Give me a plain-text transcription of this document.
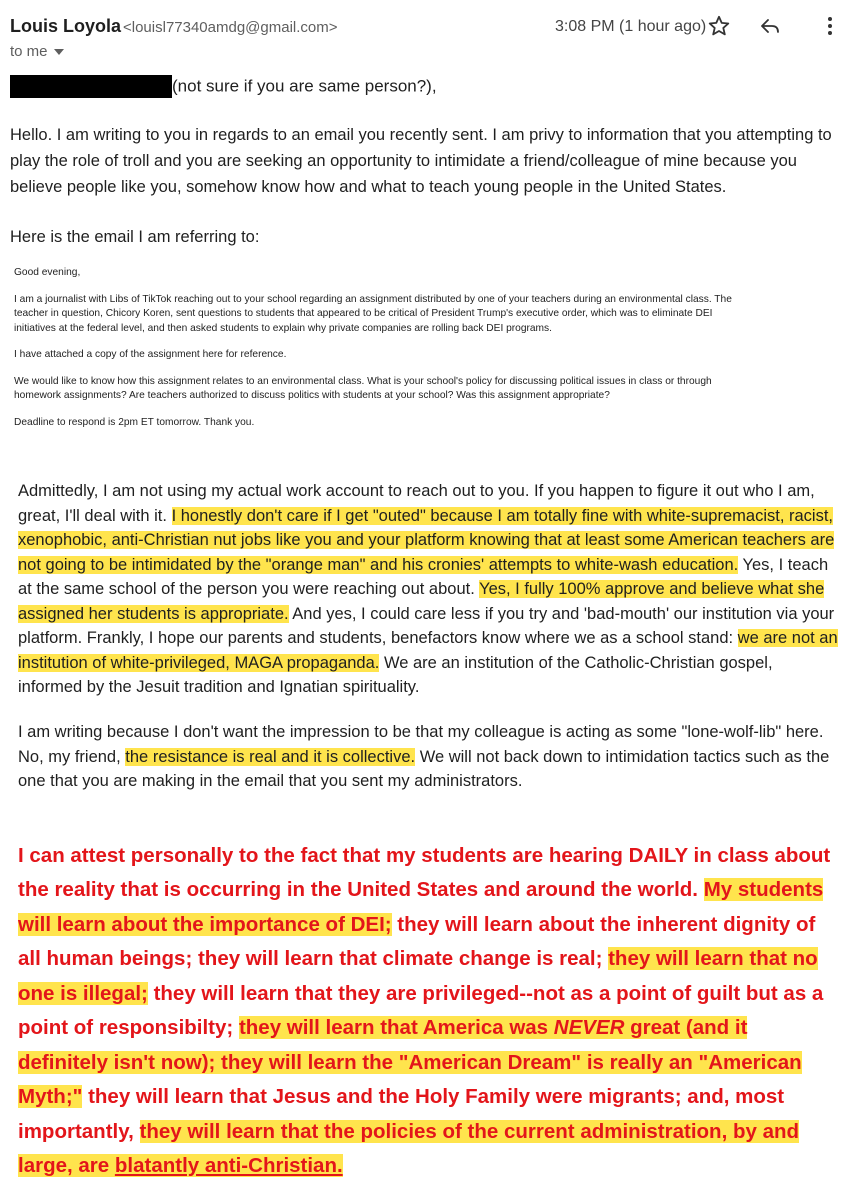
Louis Loyola <louisl77340amdg@gmail.com>
to me
3:08 PM (1 hour ago)
(not sure if you are same person?),

Hello. I am writing to you in regards to an email you recently sent. I am privy to information that you attempting to play the role of troll and you are seeking an opportunity to intimidate a friend/colleague of mine because you believe people like you, somehow know how and what to teach young people in the United States.

Here is the email I am referring to:

Good evening,

I am a journalist with Libs of TikTok reaching out to your school regarding an assignment distributed by one of your teachers during an environmental class. The teacher in question, Chicory Koren, sent questions to students that appeared to be critical of President Trump's executive order, which was to eliminate DEI initiatives at the federal level, and then asked students to explain why private companies are rolling back DEI programs.

I have attached a copy of the assignment here for reference.

We would like to know how this assignment relates to an environmental class. What is your school's policy for discussing political issues in class or through homework assignments? Are teachers authorized to discuss politics with students at your school? Was this assignment appropriate?

Deadline to respond is 2pm ET tomorrow. Thank you.

Admittedly, I am not using my actual work account to reach out to you. If you happen to figure it out who I am, great, I'll deal with it. I honestly don't care if I get "outed" because I am totally fine with white-supremacist, racist, xenophobic, anti-Christian nut jobs like you and your platform knowing that at least some American teachers are not going to be intimidated by the "orange man" and his cronies' attempts to white-wash education. Yes, I teach at the same school of the person you were reaching out about. Yes, I fully 100% approve and believe what she assigned her students is appropriate. And yes, I could care less if you try and 'bad-mouth' our institution via your platform. Frankly, I hope our parents and students, benefactors know where we as a school stand: we are not an institution of white-privileged, MAGA propaganda. We are an institution of the Catholic-Christian gospel, informed by the Jesuit tradition and Ignatian spirituality.

I am writing because I don't want the impression to be that my colleague is acting as some "lone-wolf-lib" here. No, my friend, the resistance is real and it is collective. We will not back down to intimidation tactics such as the one that you are making in the email that you sent my administrators.

I can attest personally to the fact that my students are hearing DAILY in class about the reality that is occurring in the United States and around the world. My students will learn about the importance of DEI; they will learn about the inherent dignity of all human beings; they will learn that climate change is real; they will learn that no one is illegal; they will learn that they are privileged--not as a point of guilt but as a point of responsibilty; they will learn that America was NEVER great (and it definitely isn't now); they will learn the "American Dream" is really an "American Myth;" they will learn that Jesus and the Holy Family were migrants; and, most importantly, they will learn that the policies of the current administration, by and large, are blatantly anti-Christian.
